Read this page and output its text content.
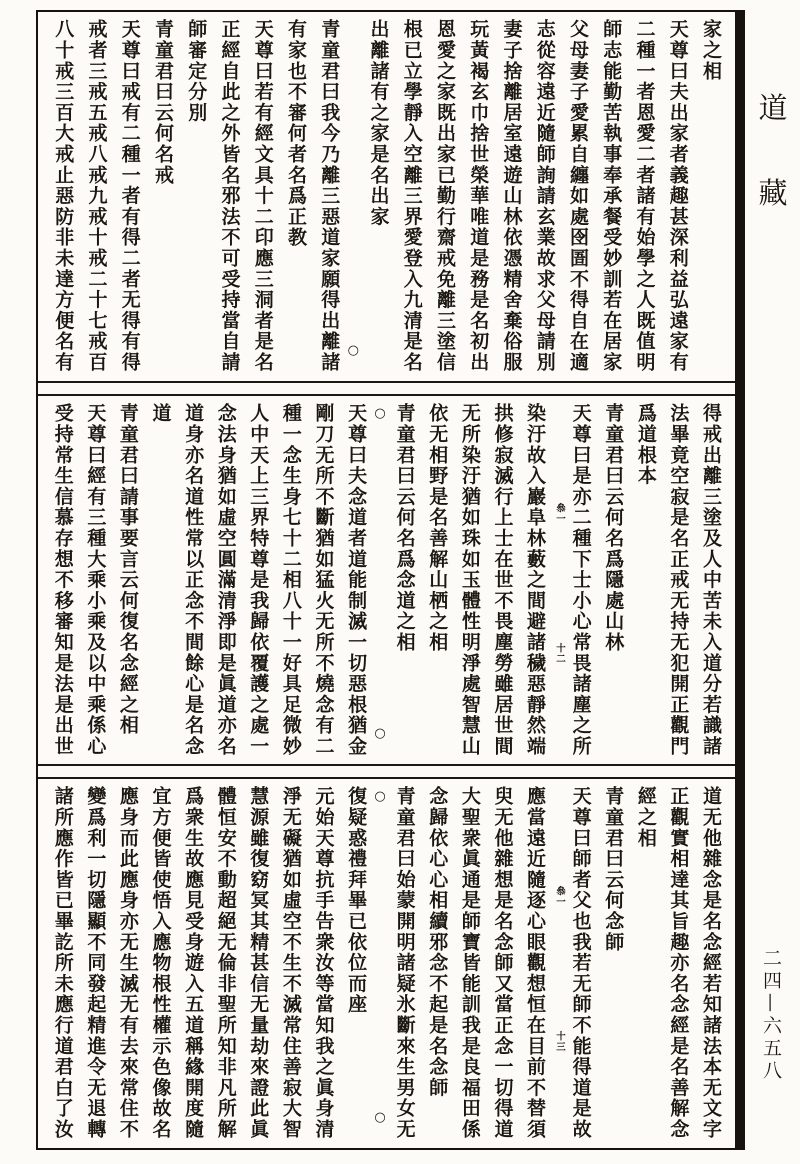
道
藏
二四—六五八
家之相
天尊曰夫出家者義趣甚深利益弘遠家有
二種一者恩愛二者諸有始學之人既值明
師志能勤苦執事奉承餐受妙訓若在居家
父母妻子愛累自纏如處囹圄不得自在適
志從容遠近隨師詢請玄業故求父母請別
妻子捨離居室遠遊山林依憑精舍棄俗服
玩黃褐玄巾捨世榮華唯道是務是名初出
恩愛之家既出家已勤行齋戒免離三塗信
根已立學靜入空離三界愛登入九清是名
出離諸有之家是名出家
○
青童君曰我今乃離三惡道家願得出離諸
有家也不審何者名爲正教
天尊曰若有經文具十二印應三洞者是名
正經自此之外皆名邪法不可受持當自請
師審定分別
青童君曰云何名戒
天尊曰戒有二種一者有得二者无得有得
戒者三戒五戒八戒九戒十戒二十七戒百
八十戒三百大戒止惡防非未達方便名有
得戒出離三塗及人中苦未入道分若識諸
法畢竟空寂是名正戒无持无犯開正觀門
爲道根本
青童君曰云何名爲隱處山林
天尊曰是亦二種下士小心常畏諸塵之所
叅一
十二
染汙故入巖阜林藪之間避諸穢惡靜然端
拱修寂滅行上士在世不畏塵勞雖居世間
无所染汙猶如珠如玉體性明淨處智慧山
依无相野是名善解山栖之相
青童君曰云何名爲念道之相
○
○
天尊曰夫念道者道能制滅一切惡根猶金
剛刀无所不斷猶如猛火无所不燒念有二
種一念生身七十二相八十一好具足微妙
人中天上三界特尊是我歸依覆護之處一
念法身猶如虛空圓滿清淨即是眞道亦名
道身亦名道性常以正念不間餘心是名念
道
青童君曰請事要言云何復名念經之相
天尊曰經有三種大乘小乘及以中乘係心
受持常生信慕存想不移審知是法是出世
道无他雜念是名念經若知諸法本无文字
正觀實相達其旨趣亦名念經是名善解念
經之相
青童君曰云何念師
天尊曰師者父也我若无師不能得道是故
叅一
十三
應當遠近隨逐心眼觀想恒在目前不替須
臾无他雜想是名念師又當正念一切得道
大聖衆眞通是師寶皆能訓我是良福田係
念歸依心心相續邪念不起是名念師
青童君曰始蒙開明諸疑氷斷來生男女无
○
○
復疑惑禮拜畢已依位而座
元始天尊抗手告衆汝等當知我之眞身清
淨无礙猶如虛空不生不滅常住善寂大智
慧源雖復窈冥其精甚信无量劫來證此眞
體恒安不動超絕无倫非聖所知非凡所解
爲衆生故應見受身遊入五道稱緣開度隨
宜方便皆使悟入應物根性權示色像故名
應身而此應身亦无生滅无有去來常住不
變爲利一切隱顯不同發起精進令无退轉
諸所應作皆已畢訖所未應行道君白了汝
